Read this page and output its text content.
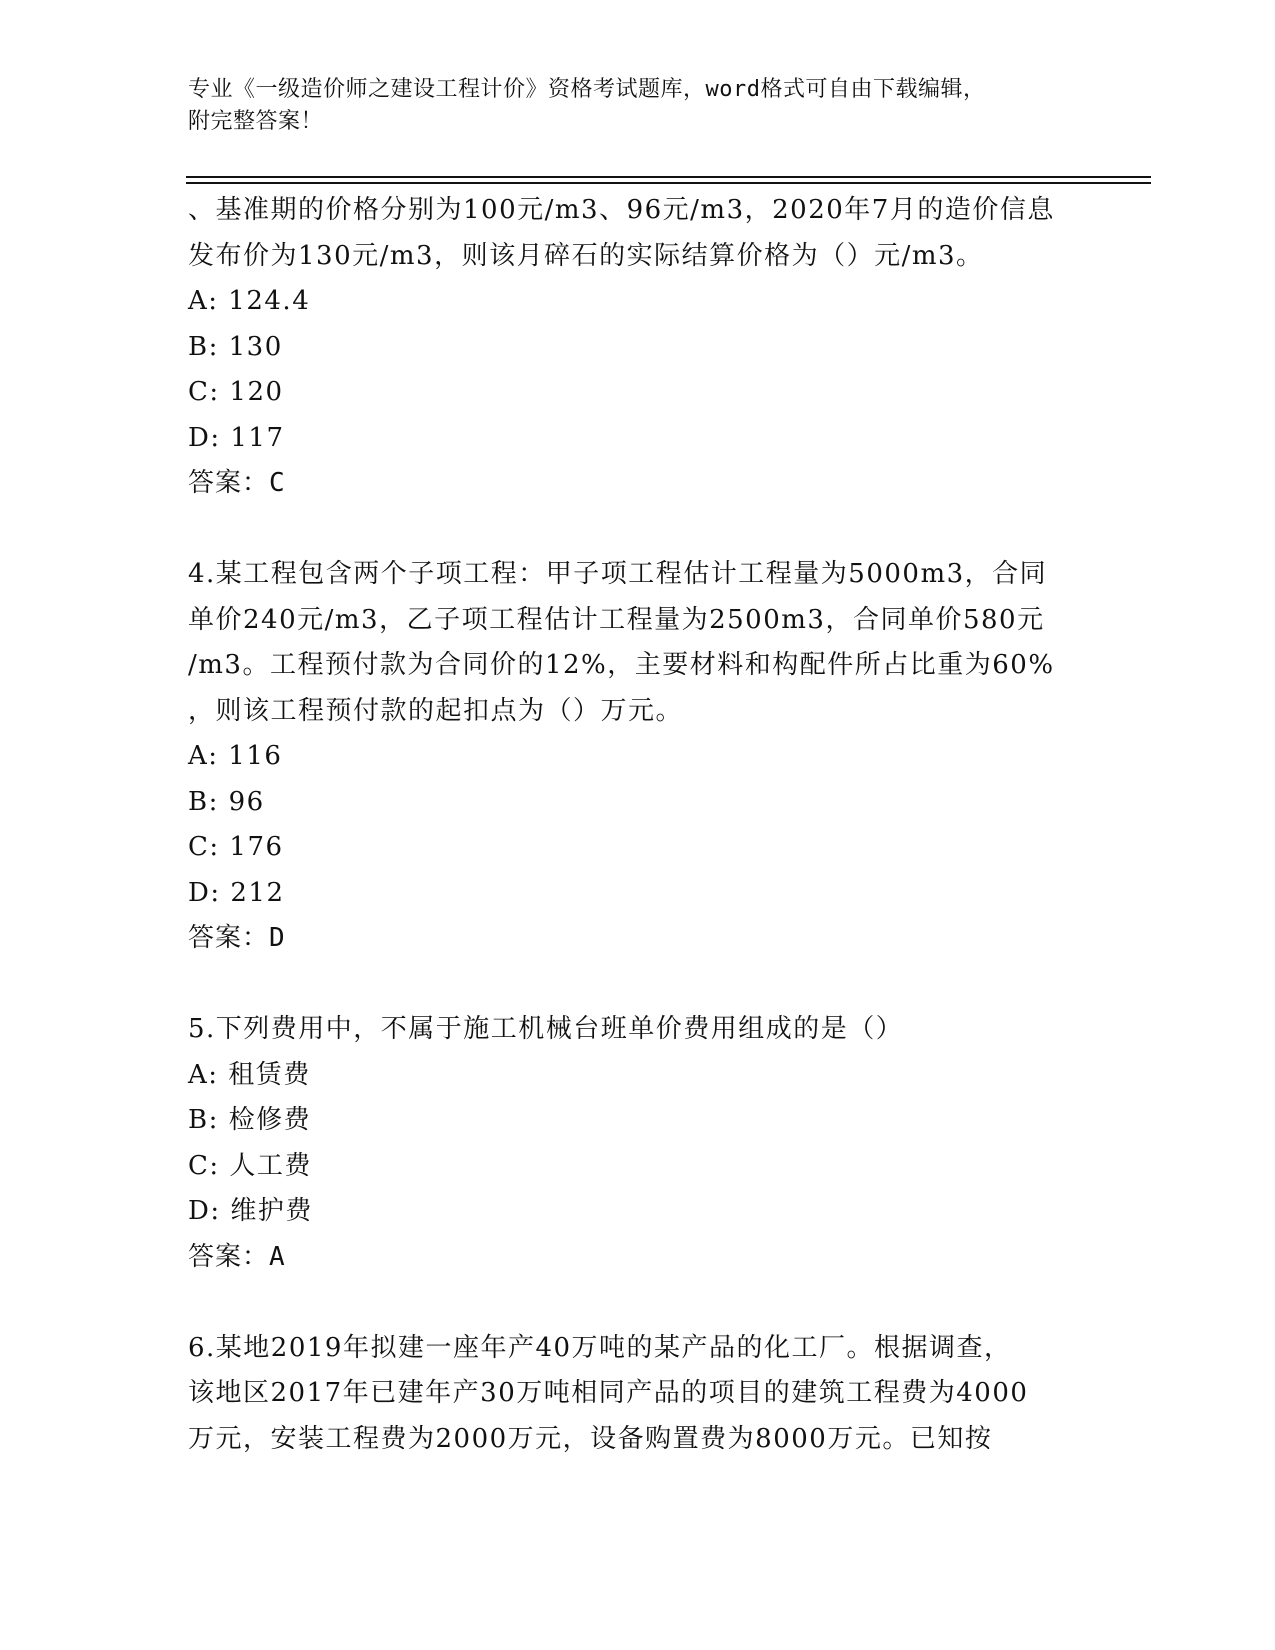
专业《一级造价师之建设工程计价》资格考试题库，word格式可自由下载编辑，
附完整答案！
、基准期的价格分别为100元/m3、96元/m3，2020年7月的造价信息
发布价为130元/m3，则该月碎石的实际结算价格为（）元/m3。
A: 124.4
B: 130
C: 120
D: 117
答案：C
4.某工程包含两个子项工程：甲子项工程估计工程量为5000m3，合同
单价240元/m3，乙子项工程估计工程量为2500m3，合同单价580元
/m3。工程预付款为合同价的12%，主要材料和构配件所占比重为60%
，则该工程预付款的起扣点为（）万元。
A: 116
B: 96
C: 176
D: 212
答案：D
5.下列费用中，不属于施工机械台班单价费用组成的是（）
A: 租赁费
B: 检修费
C: 人工费
D: 维护费
答案：A
6.某地2019年拟建一座年产40万吨的某产品的化工厂。根据调查，
该地区2017年已建年产30万吨相同产品的项目的建筑工程费为4000
万元，安装工程费为2000万元，设备购置费为8000万元。已知按
